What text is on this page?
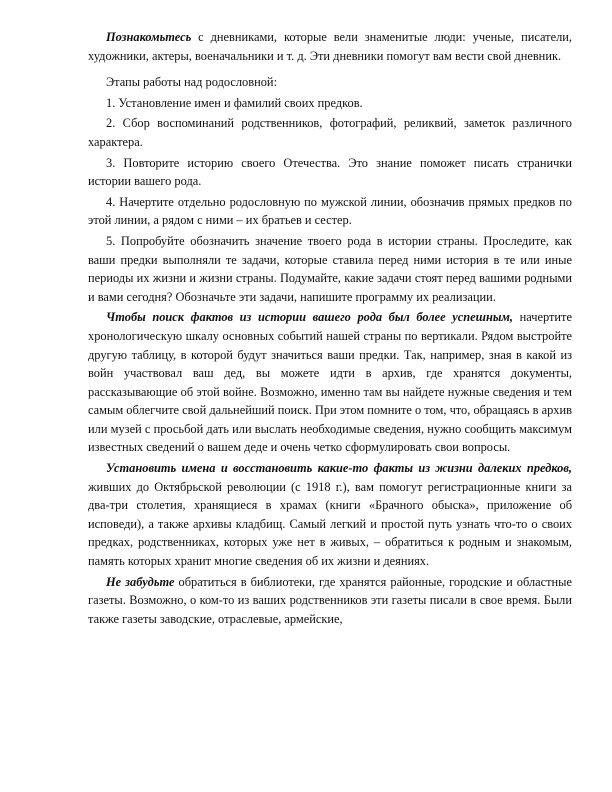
Познакомьтесь с дневниками, которые вели знаменитые люди: ученые, писатели, художники, актеры, военачальники и т. д. Эти дневники помогут вам вести свой дневник.

Этапы работы над родословной:

1. Установление имен и фамилий своих предков.

2. Сбор воспоминаний родственников, фотографий, реликвий, заметок различного характера.

3. Повторите историю своего Отечества. Это знание поможет писать странички истории вашего рода.

4. Начертите отдельно родословную по мужской линии, обозначив прямых предков по этой линии, а рядом с ними – их братьев и сестер.

5. Попробуйте обозначить значение твоего рода в истории страны. Проследите, как ваши предки выполняли те задачи, которые ставила перед ними история в те или иные периоды их жизни и жизни страны. Подумайте, какие задачи стоят перед вашими родными и вами сегодня? Обозначьте эти задачи, напишите программу их реализации.

Чтобы поиск фактов из истории вашего рода был более успешным, начертите хронологическую шкалу основных событий нашей страны по вертикали. Рядом выстройте другую таблицу, в которой будут значиться ваши предки. Так, например, зная в какой из войн участвовал ваш дед, вы можете идти в архив, где хранятся документы, рассказывающие об этой войне. Возможно, именно там вы найдете нужные сведения и тем самым облегчите свой дальнейший поиск. При этом помните о том, что, обращаясь в архив или музей с просьбой дать или выслать необходимые сведения, нужно сообщить максимум известных сведений о вашем деде и очень четко сформулировать свои вопросы.

Установить имена и восстановить какие-то факты из жизни далеких предков, живших до Октябрьской революции (с 1918 г.), вам помогут регистрационные книги за два-три столетия, хранящиеся в храмах (книги «Брачного обыска», приложение об исповеди), а также архивы кладбищ. Самый легкий и простой путь узнать что-то о своих предках, родственниках, которых уже нет в живых, – обратиться к родным и знакомым, память которых хранит многие сведения об их жизни и деяниях.

Не забудьте обратиться в библиотеки, где хранятся районные, городские и областные газеты. Возможно, о ком-то из ваших родственников эти газеты писали в свое время. Были также газеты заводские, отраслевые, армейские,
